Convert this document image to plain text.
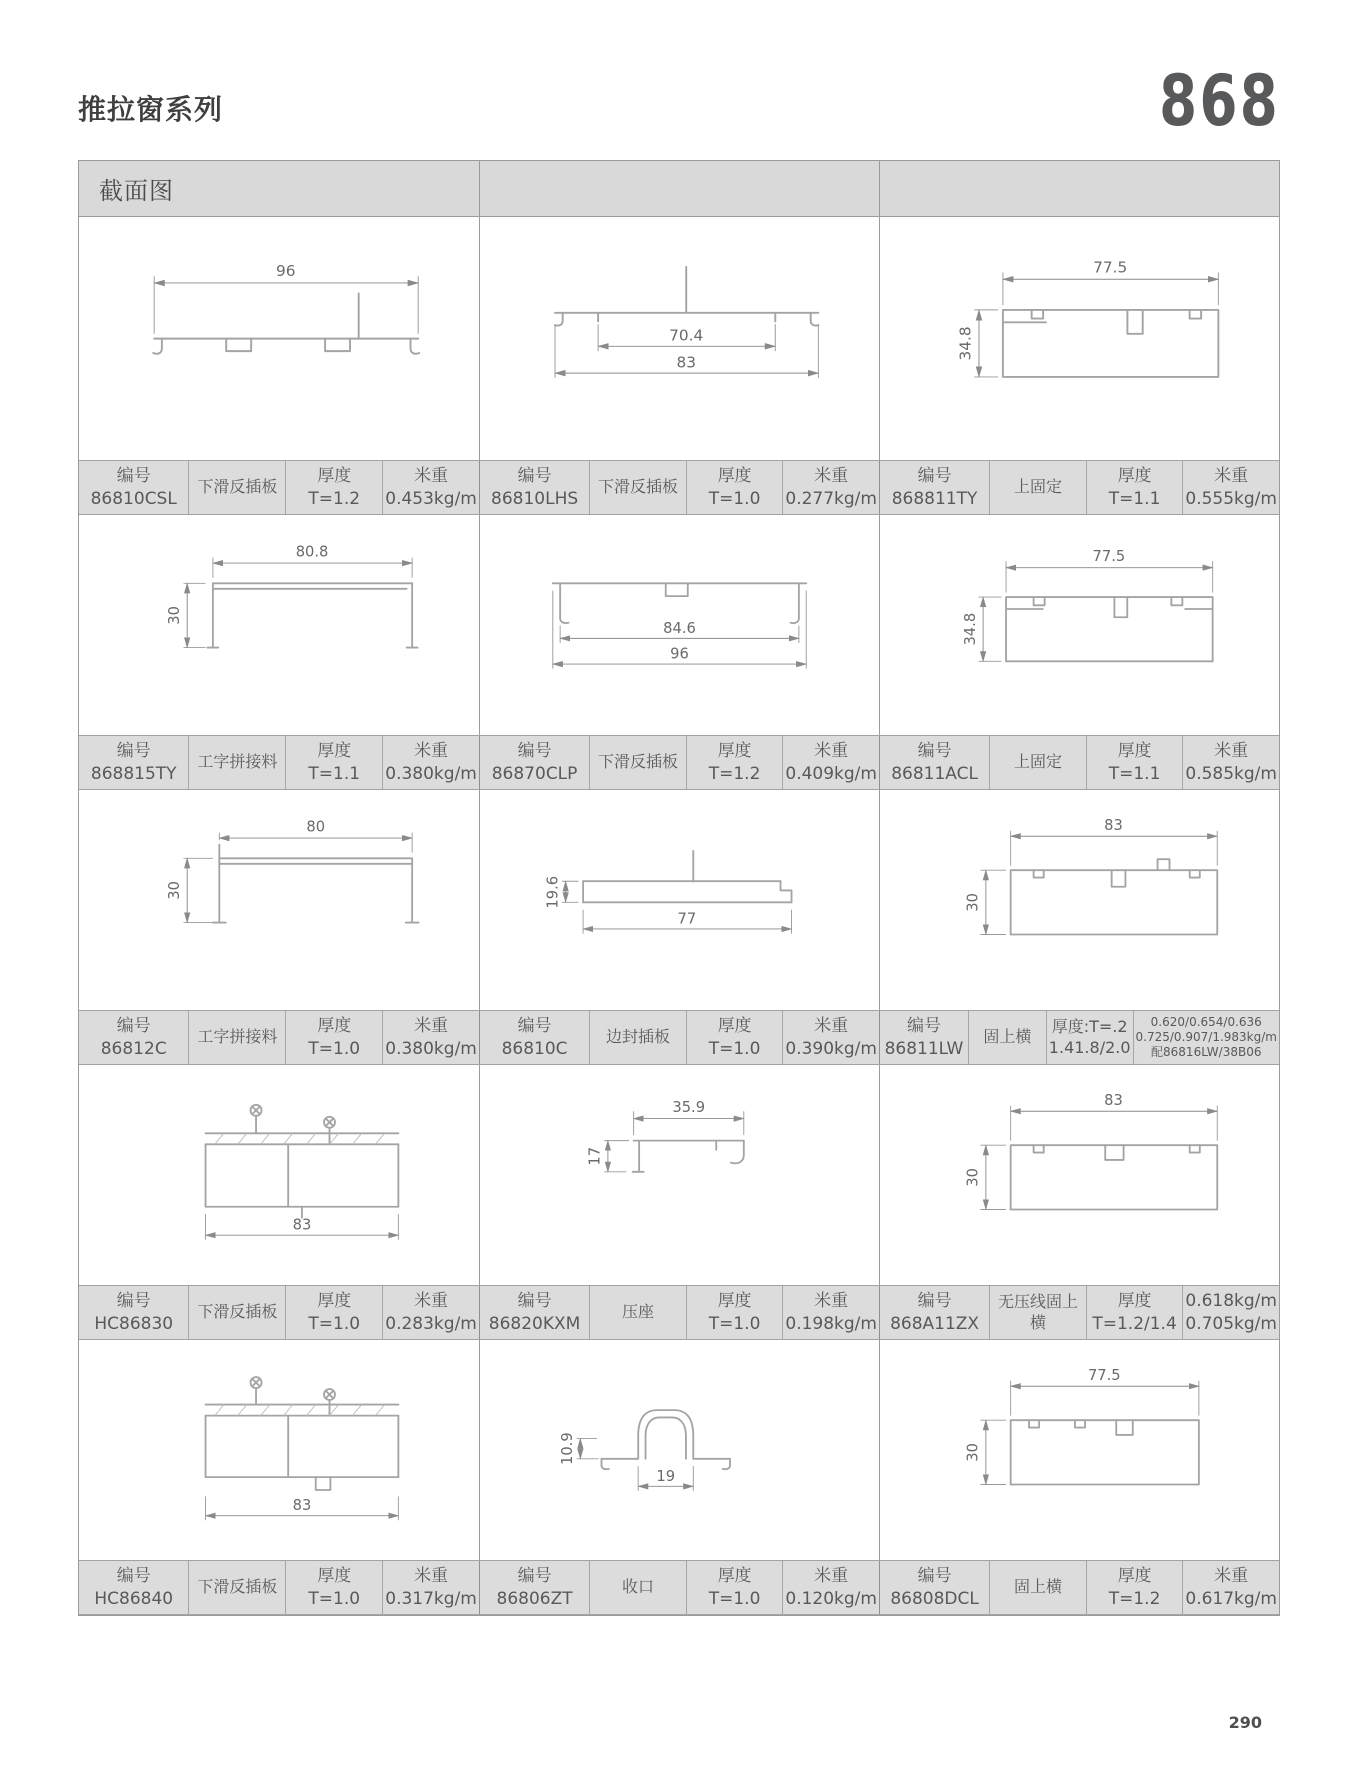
推拉窗系列	868
截面图
96
70.4
83
77.5
34.8
编号
86810CSL
下滑反插板
厚度
T=1.2
米重
0.453kg/m
编号
86810LHS
下滑反插板
厚度
T=1.0
米重
0.277kg/m
编号
868811TY
上固定
厚度
T=1.1
米重
0.555kg/m
80.8
30
84.6
96
77.5
34.8
编号
868815TY
工字拼接料
厚度
T=1.1
米重
0.380kg/m
编号
86870CLP
下滑反插板
厚度
T=1.2
米重
0.409kg/m
编号
86811ACL
上固定
厚度
T=1.1
米重
0.585kg/m
80
30	19.6
77
83
30
编号
86812C
工字拼接料
厚度
T=1.0
米重
0.380kg/m
编号
86810C
边封插板
厚度
T=1.0
米重
0.390kg/m
编号
86811LW
固上横
厚度:T=.2
1.41.8/2.0
0.620/0.654/0.636
0.725/0.907/1.983kg/m
配86816LW/38B06
83
35.9
17
83
30
编号
HC86830
下滑反插板
厚度
T=1.0
米重
0.283kg/m
编号
86820KXM
压座
厚度
T=1.0
米重
0.198kg/m
编号
868A11ZX
无压线固上横
厚度
T=1.2/1.4
0.618kg/m
0.705kg/m
83
10.9
19
77.5
30
编号
HC86840
下滑反插板
厚度
T=1.0
米重
0.317kg/m
编号
86806ZT
收口
厚度
T=1.0
米重
0.120kg/m
编号
86808DCL
固上横
厚度
T=1.2
米重
0.617kg/m
290
